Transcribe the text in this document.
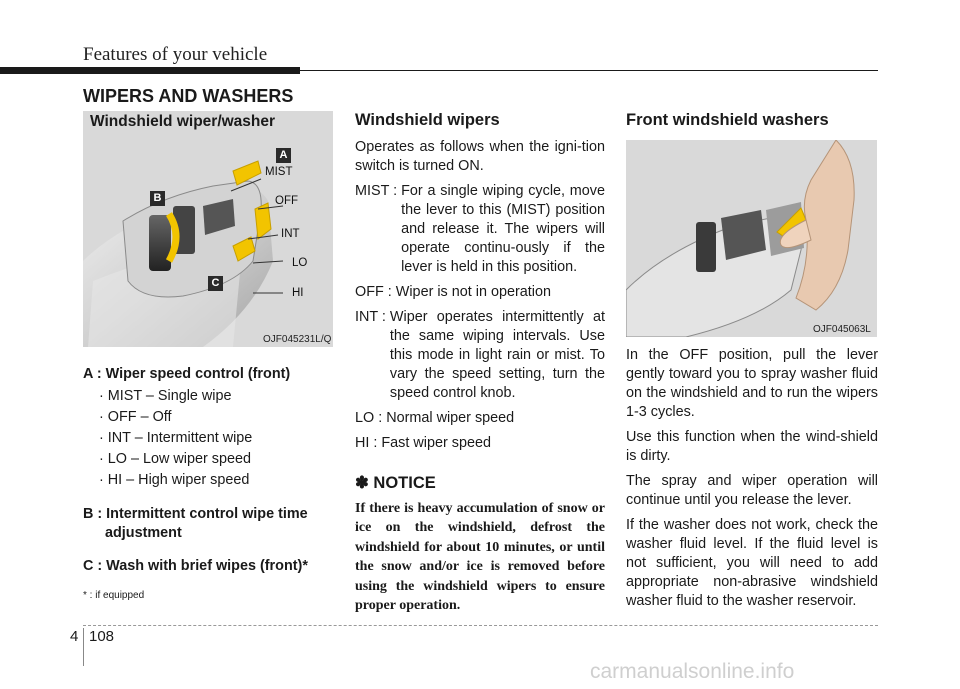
Features of your vehicle
WIPERS AND WASHERS
Windshield wiper/washer
A
B
C
MIST
OFF
INT
LO
HI
OJF045231L/Q
A : Wiper speed control (front)
· MIST – Single wipe
· OFF – Off
· INT – Intermittent wipe
· LO – Low wiper speed
· HI – High wiper speed
B : Intermittent control wipe time
adjustment
C : Wash with brief wipes (front)*
* : if equipped
Windshield wipers
Operates as follows when the igni-tion switch is turned ON.
MIST : For a single wiping cycle, move the lever to this (MIST) position and release it. The wipers will operate continu-ously if the lever is held in this position.
OFF : Wiper is not in operation
INT : Wiper operates intermittently at the same wiping intervals. Use this mode in light rain or mist. To vary the speed setting, turn the speed control knob.
LO : Normal wiper speed
HI : Fast wiper speed
✽ NOTICE
If there is heavy accumulation of snow or ice on the windshield, defrost the windshield for about 10 minutes, or until the snow and/or ice is removed before using the windshield wipers to ensure proper operation.
Front windshield washers
OJF045063L
In the OFF position, pull the lever gently toward you to spray washer fluid on the windshield and to run the wipers 1-3 cycles.
Use this function when the wind-shield is dirty.
The spray and wiper operation will continue until you release the lever.
If the washer does not work, check the washer fluid level. If the fluid level is not sufficient, you will need to add appropriate non-abrasive windshield washer fluid to the washer reservoir.
4 108
carmanualsonline.info
